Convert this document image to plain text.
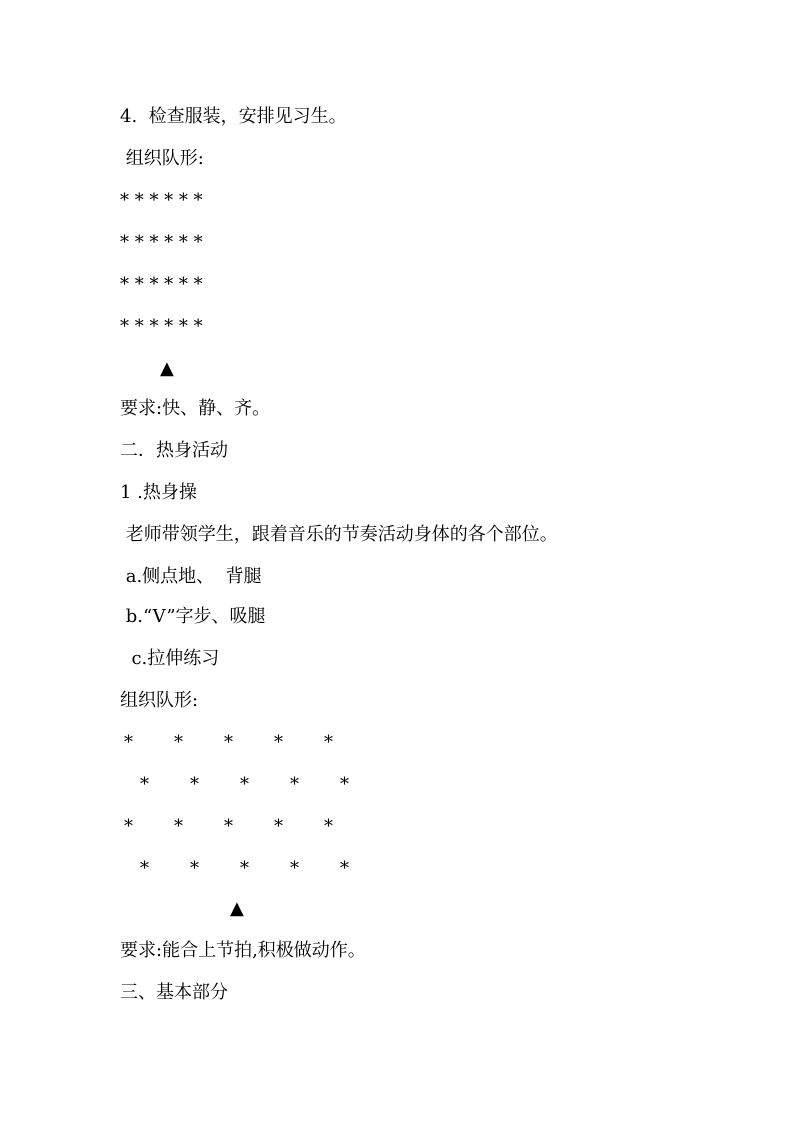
4.  检查服装，安排见习生。
组织队形:
* * * * * *
* * * * * *
* * * * * *
* * * * * *
▲
要求:快、静、齐。
二．热身活动
1 .热身操
老师带领学生，跟着音乐的节奏活动身体的各个部位。
a.侧点地、  背腿
b.“V”字步、吸腿
c.拉伸练习
组织队形:

*

*

*

*

*

*

*

*

*

*

*

*

*

*

*

*

*

*

*

*

▲
要求:能合上节拍,积极做动作。
三、基本部分
